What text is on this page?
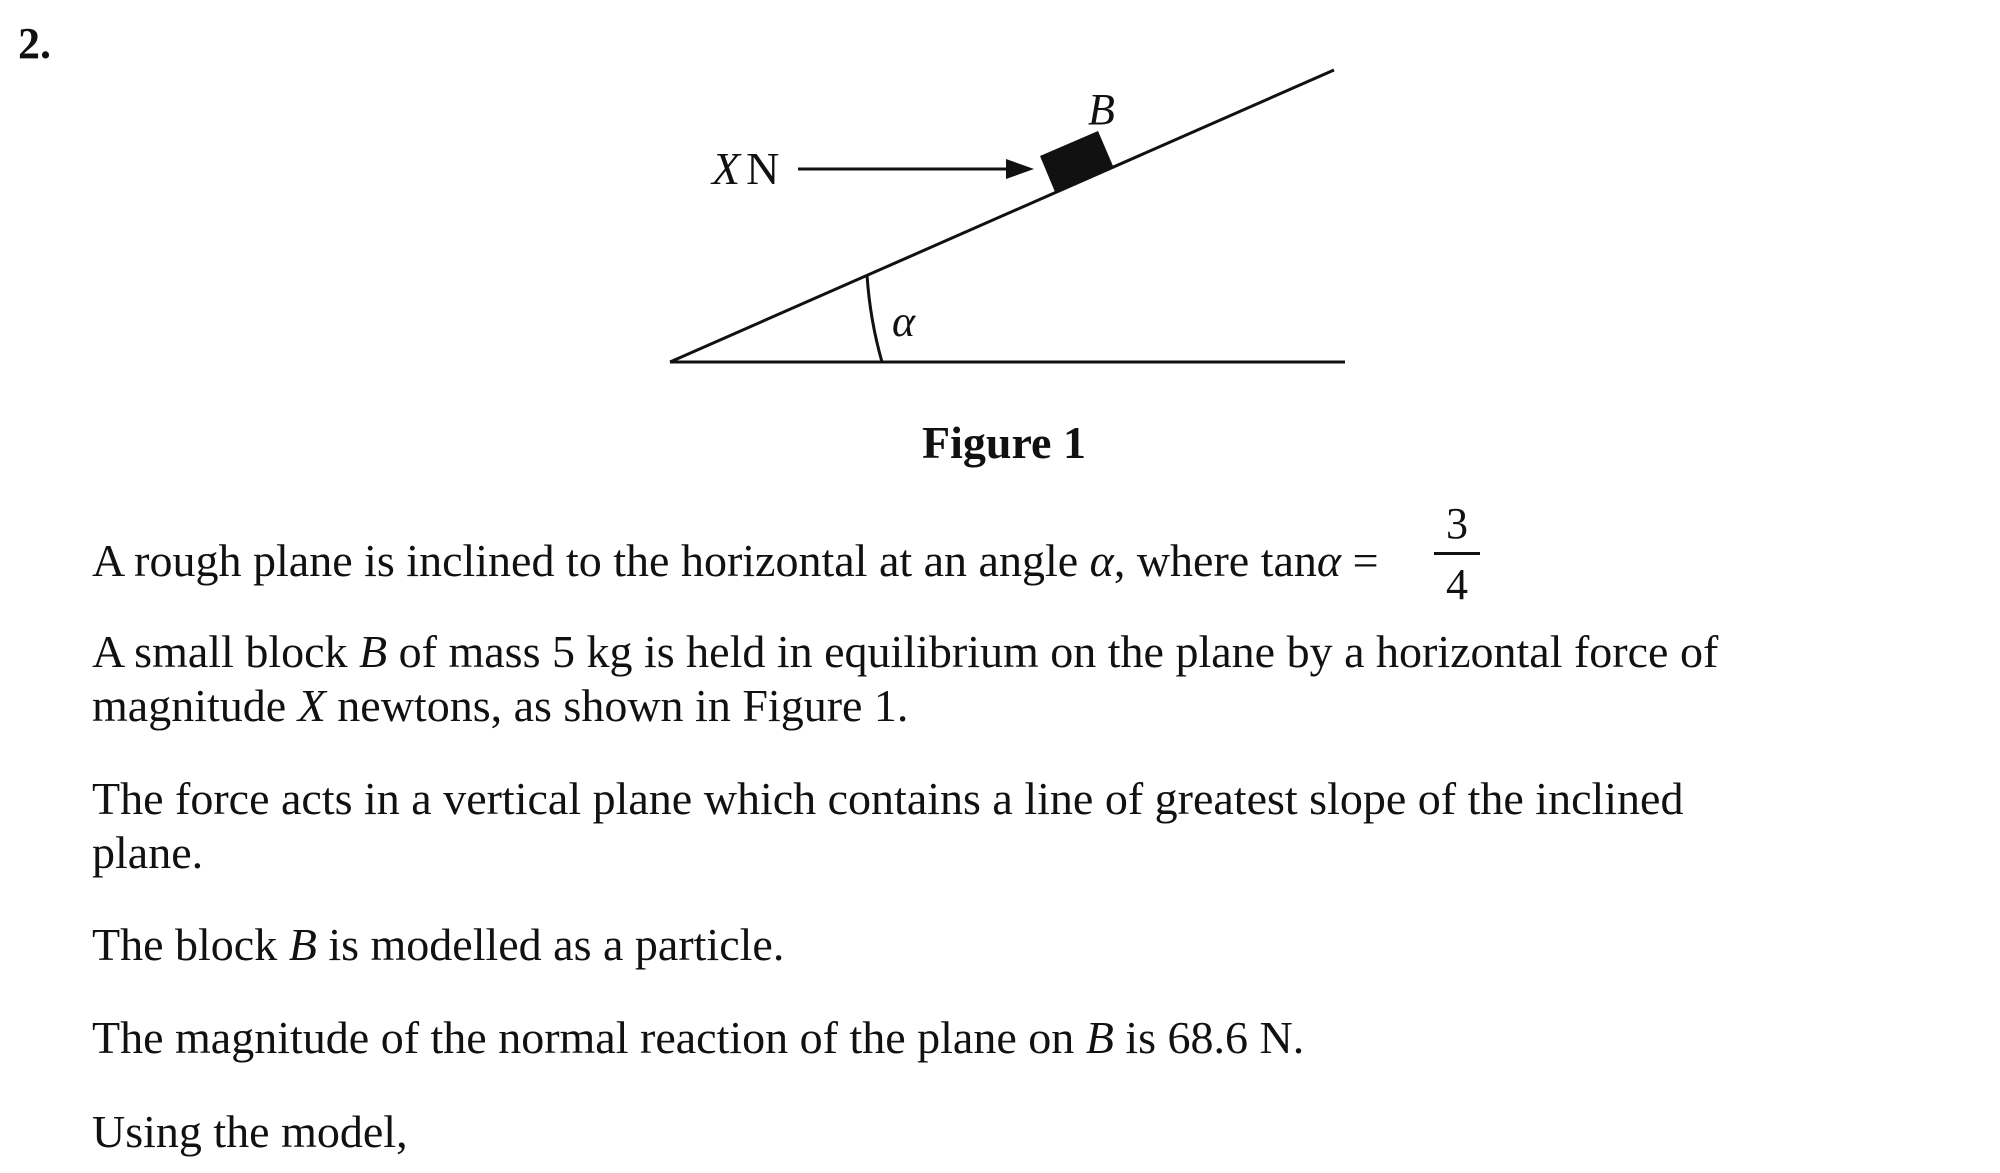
2.
α
B
X N
Figure 1
A rough plane is inclined to the horizontal at an angle α, where tanα =
3
4
A small block B of mass 5 kg is held in equilibrium on the plane by a horizontal force of
magnitude X newtons, as shown in Figure 1.
The force acts in a vertical plane which contains a line of greatest slope of the inclined
plane.
The block B is modelled as a particle.
The magnitude of the normal reaction of the plane on B is 68.6 N.
Using the model,
